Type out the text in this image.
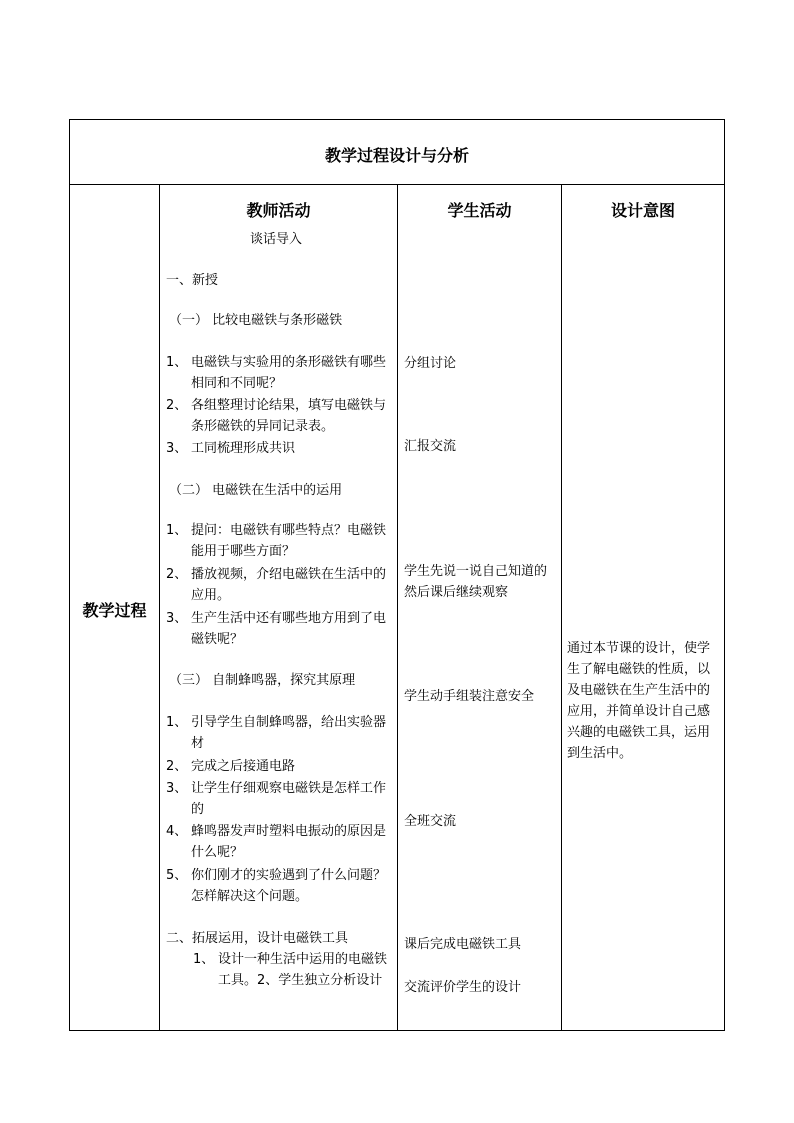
教学过程设计与分析
教学过程
教师活动	学生活动	设计意图
谈话导入
一、新授
（一） 比较电磁铁与条形磁铁
1、 电磁铁与实验用的条形磁铁有哪些相同和不同呢？
2、 各组整理讨论结果，填写电磁铁与条形磁铁的异同记录表。
3、 工同梳理形成共识
（二） 电磁铁在生活中的运用
1、 提问：电磁铁有哪些特点？电磁铁能用于哪些方面？
2、 播放视频，介绍电磁铁在生活中的应用。
3、 生产生活中还有哪些地方用到了电磁铁呢？
（三） 自制蜂鸣器，探究其原理
1、 引导学生自制蜂鸣器，给出实验器材
2、 完成之后接通电路
3、 让学生仔细观察电磁铁是怎样工作的
4、 蜂鸣器发声时塑料电振动的原因是什么呢？
5、 你们刚才的实验遇到了什么问题？怎样解决这个问题。
二、拓展运用，设计电磁铁工具
1、 设计一种生活中运用的电磁铁工具。2、学生独立分析设计
分组讨论
汇报交流
学生先说一说自己知道的然后课后继续观察
学生动手组装注意安全
全班交流
课后完成电磁铁工具
交流评价学生的设计
通过本节课的设计，使学生了解电磁铁的性质，以及电磁铁在生产生活中的应用，并简单设计自己感兴趣的电磁铁工具，运用到生活中。
